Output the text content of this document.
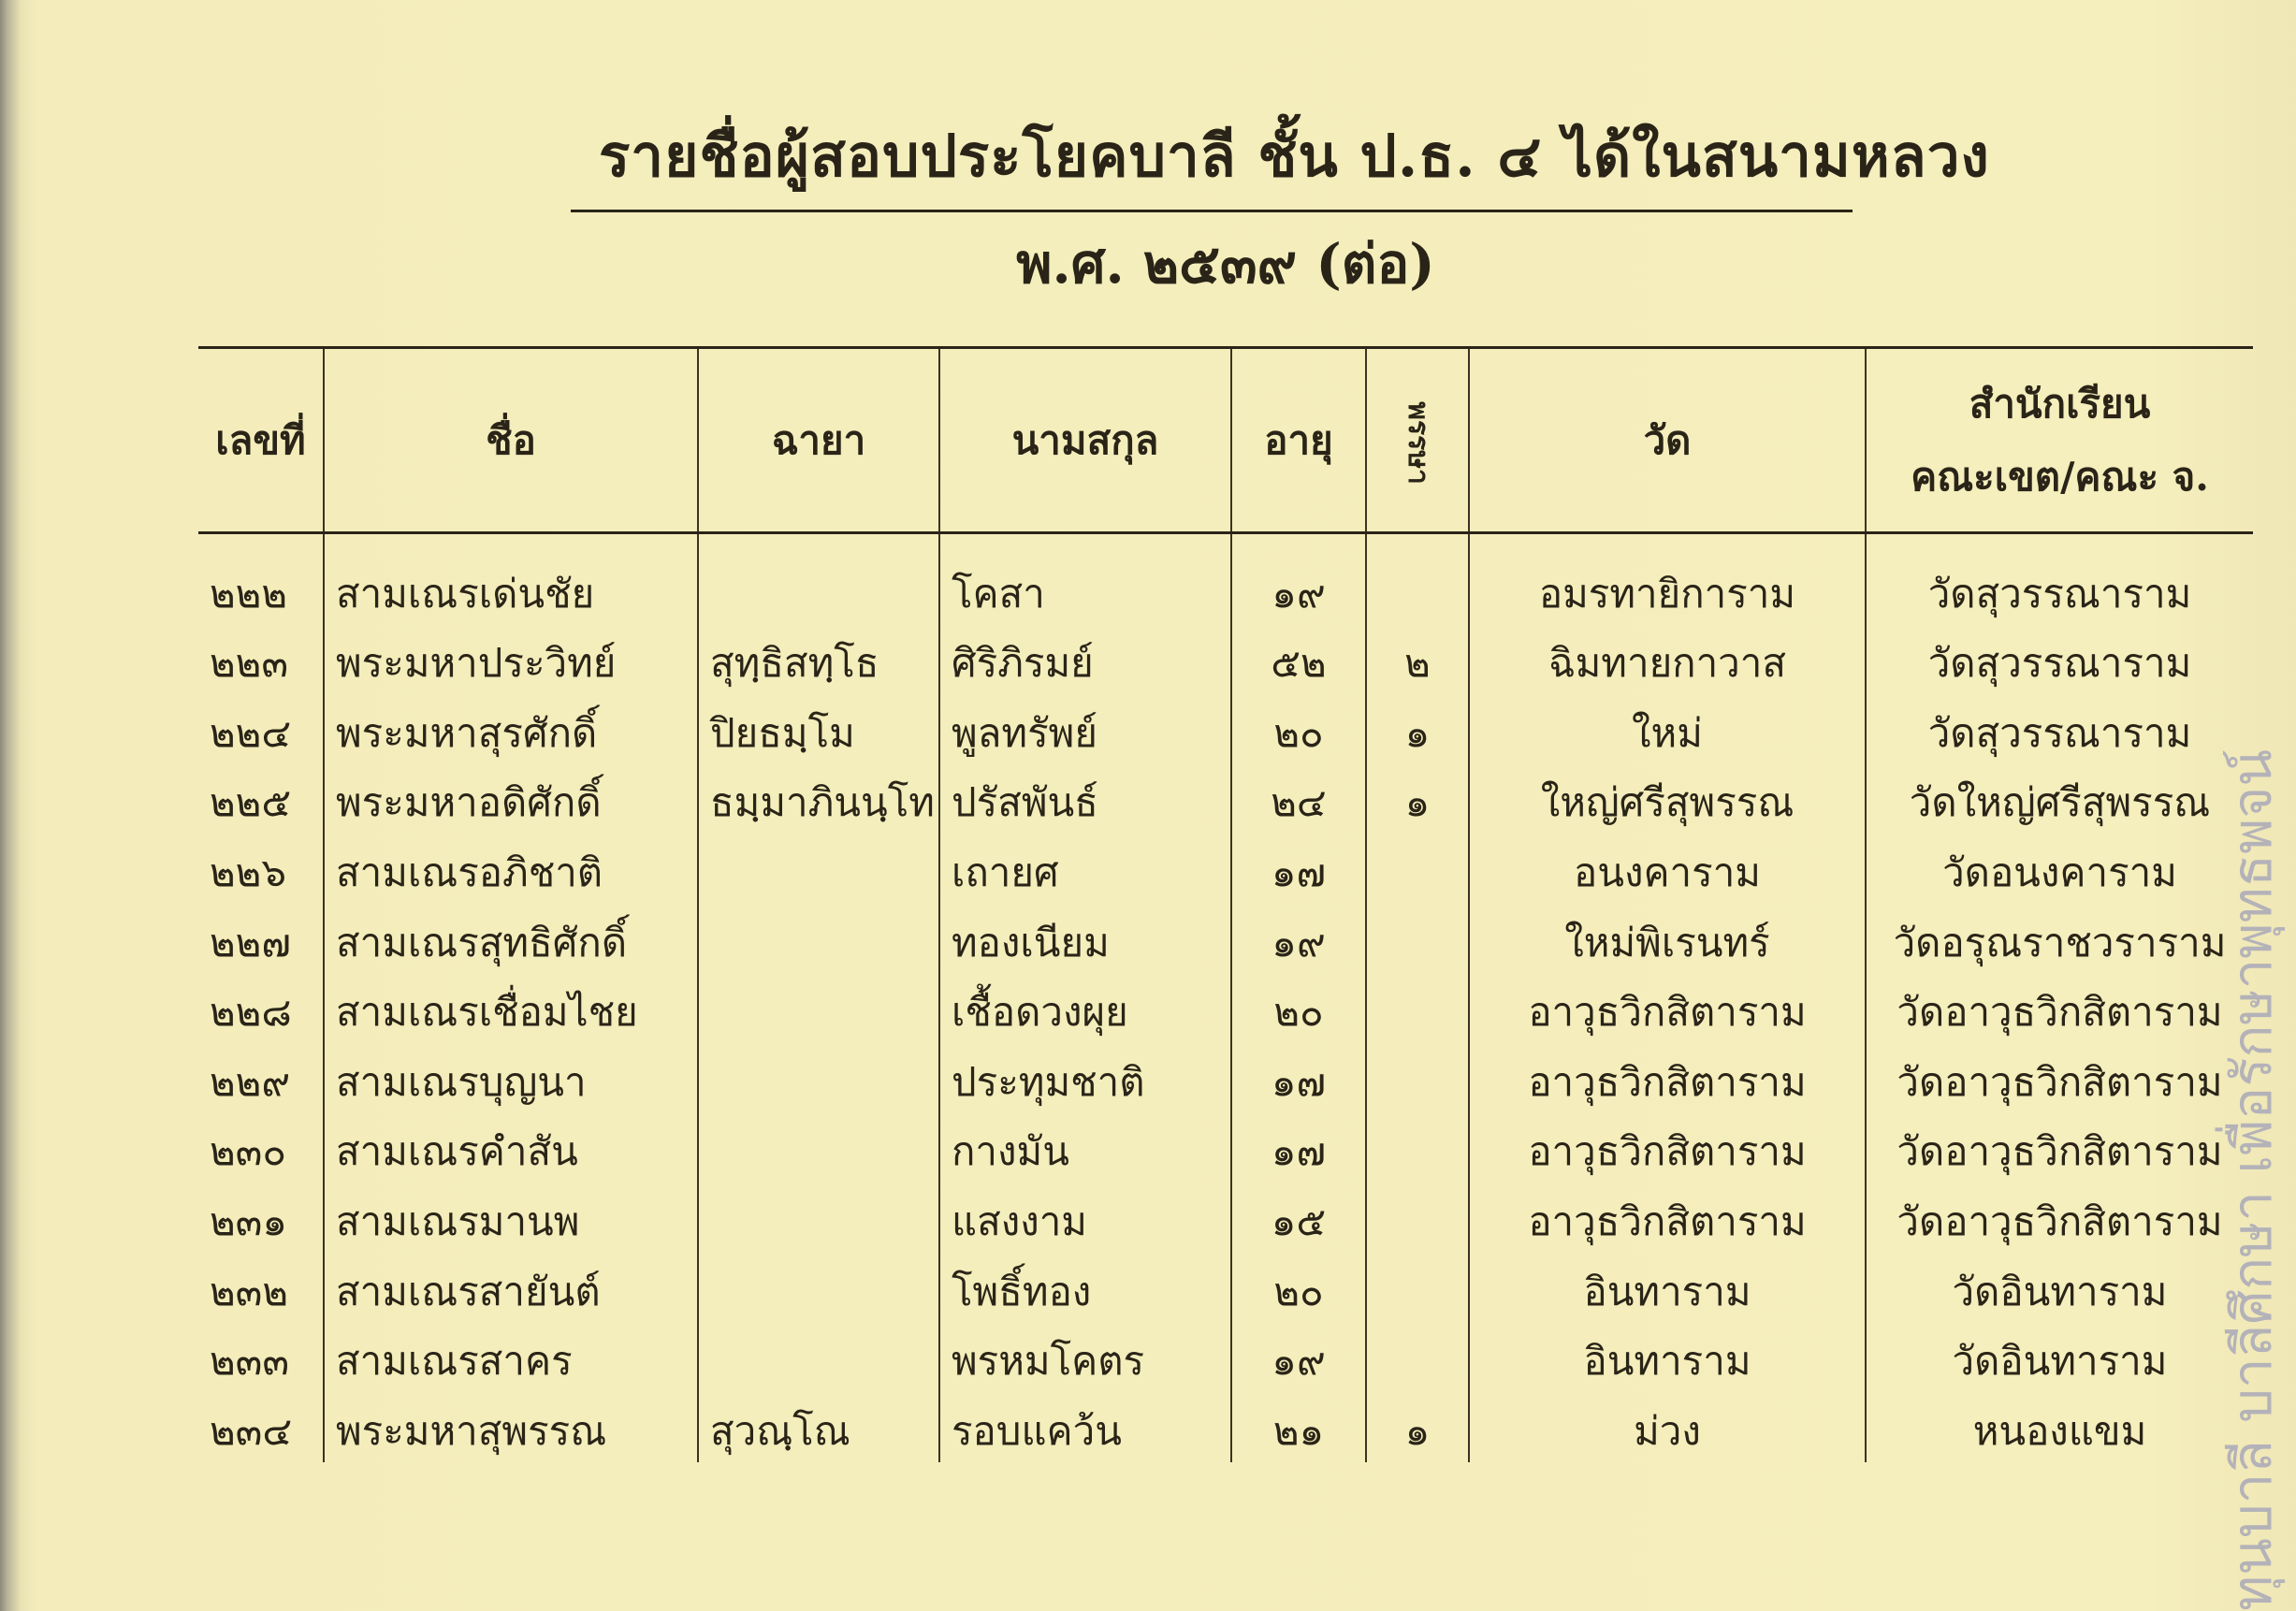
รายชื่อผู้สอบประโยคบาลี ชั้น ป.ธ. ๔ ได้ในสนามหลวง
พ.ศ. ๒๕๓๙ (ต่อ)
เลขที่	ชื่อ	ฉายา	นามสกุล	อายุ	พรรษา	วัด	สำนักเรียน
คณะเขต/คณะ จ.

๒๒๒	สามเณรเด่นชัย		โคสา	๑๙		อมรทายิการาม	วัดสุวรรณาราม
๒๒๓	พระมหาประวิทย์	สุทฺธิสทฺโธ	ศิริภิรมย์	๕๒	๒	ฉิมทายกาวาส	วัดสุวรรณาราม
๒๒๔	พระมหาสุรศักดิ์	ปิยธมฺโม	พูลทรัพย์	๒๐	๑	ใหม่	วัดสุวรรณาราม
๒๒๕	พระมหาอดิศักดิ์	ธมฺมาภินนฺโท	ปรัสพันธ์	๒๔	๑	ใหญ่ศรีสุพรรณ	วัดใหญ่ศรีสุพรรณ
๒๒๖	สามเณรอภิชาติ		เถายศ	๑๗		อนงคาราม	วัดอนงคาราม
๒๒๗	สามเณรสุทธิศักดิ์		ทองเนียม	๑๙		ใหม่พิเรนทร์	วัดอรุณราชวราราม
๒๒๘	สามเณรเชื่อมไชย		เชื้อดวงผุย	๒๐		อาวุธวิกสิตาราม	วัดอาวุธวิกสิตาราม
๒๒๙	สามเณรบุญนา		ประทุมชาติ	๑๗		อาวุธวิกสิตาราม	วัดอาวุธวิกสิตาราม
๒๓๐	สามเณรคำสัน		กางมัน	๑๗		อาวุธวิกสิตาราม	วัดอาวุธวิกสิตาราม
๒๓๑	สามเณรมานพ		แสงงาม	๑๕		อาวุธวิกสิตาราม	วัดอาวุธวิกสิตาราม
๒๓๒	สามเณรสายันต์		โพธิ์ทอง	๒๐		อินทาราม	วัดอินทาราม
๒๓๓	สามเณรสาคร		พรหมโคตร	๑๙		อินทาราม	วัดอินทาราม
๒๓๔	พระมหาสุพรรณ	สุวณฺโณ	รอบแคว้น	๒๑	๑	ม่วง	หนองแขม ทุนบาลี บาลีศึกษา เพื่อรักษาพุทธพจน์
